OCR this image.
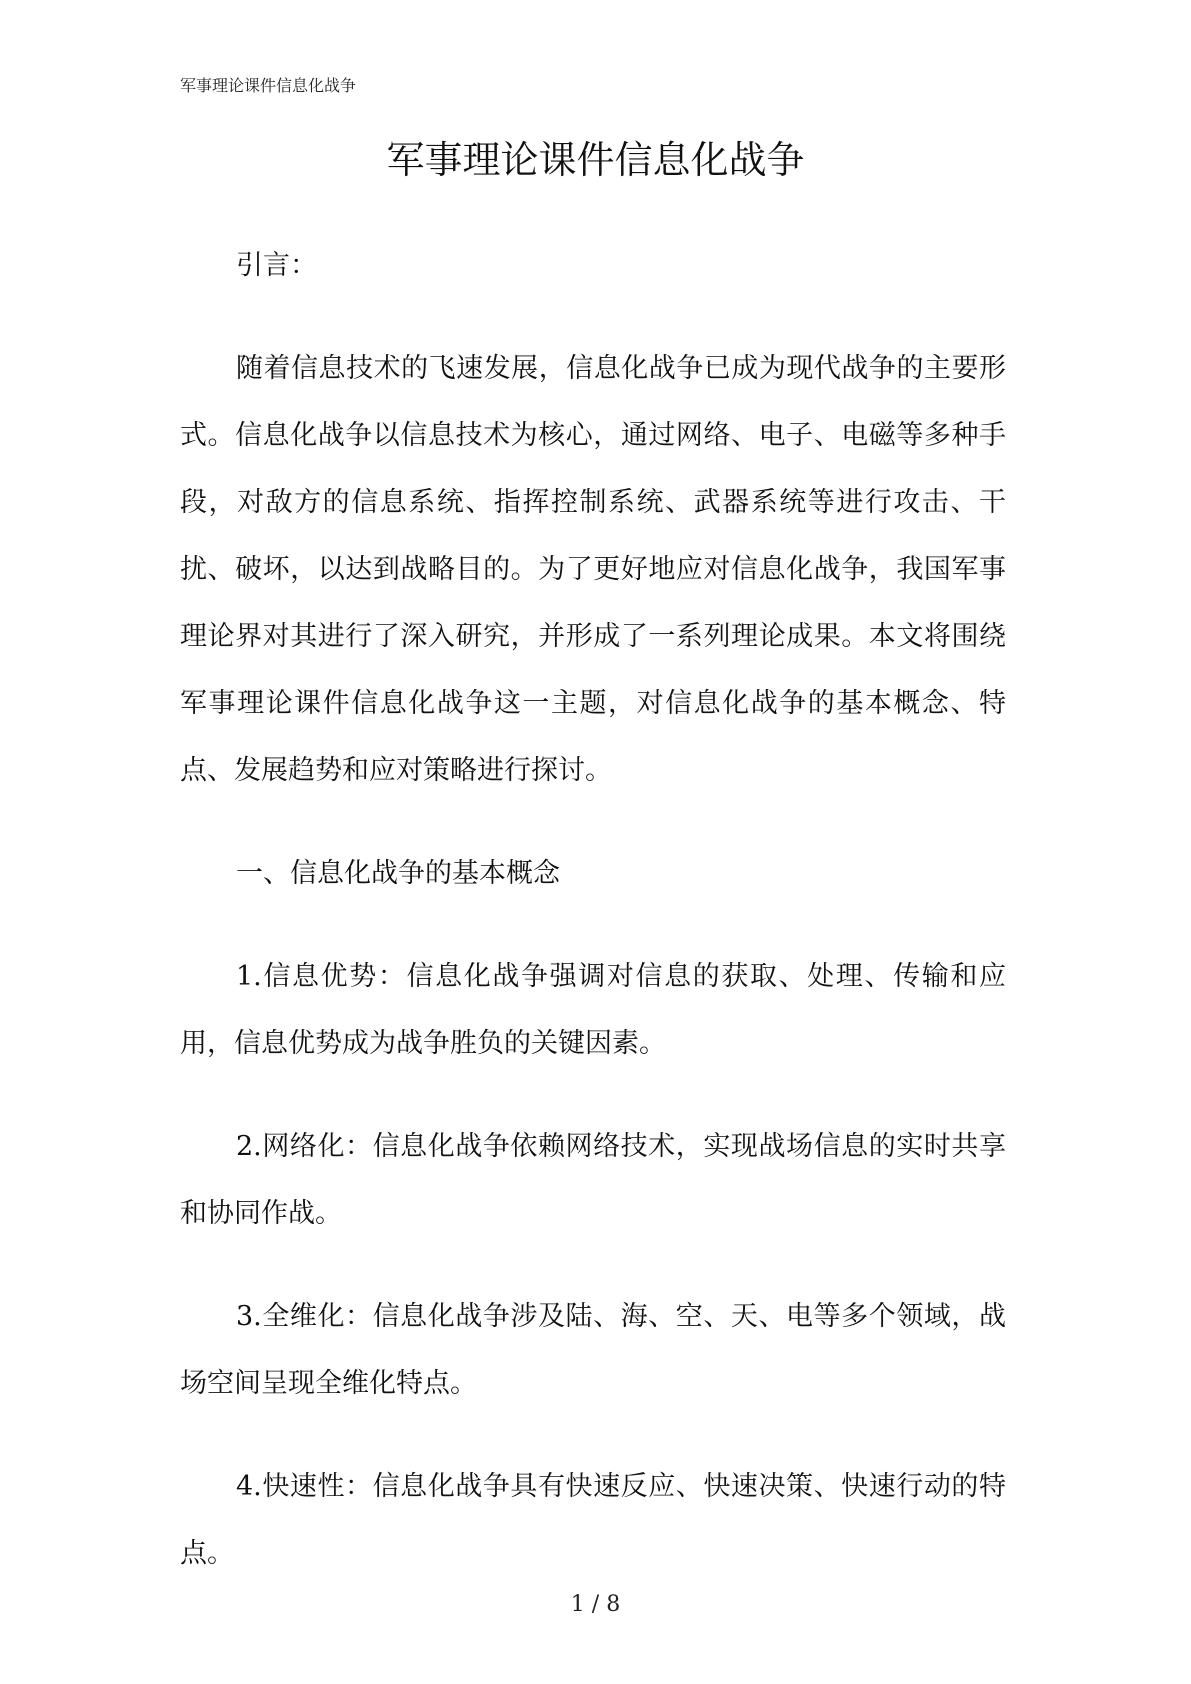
军事理论课件信息化战争
军事理论课件信息化战争

引言：

随着信息技术的飞速发展，信息化战争已成为现代战争的主要形式。信息化战争以信息技术为核心，通过网络、电子、电磁等多种手段，对敌方的信息系统、指挥控制系统、武器系统等进行攻击、干扰、破坏，以达到战略目的。为了更好地应对信息化战争，我国军事理论界对其进行了深入研究，并形成了一系列理论成果。本文将围绕军事理论课件信息化战争这一主题，对信息化战争的基本概念、特点、发展趋势和应对策略进行探讨。

一、信息化战争的基本概念

1.信息优势：信息化战争强调对信息的获取、处理、传输和应用，信息优势成为战争胜负的关键因素。

2.网络化：信息化战争依赖网络技术，实现战场信息的实时共享和协同作战。

3.全维化：信息化战争涉及陆、海、空、天、电等多个领域，战场空间呈现全维化特点。

4.快速性：信息化战争具有快速反应、快速决策、快速行动的特点。

1 / 8
